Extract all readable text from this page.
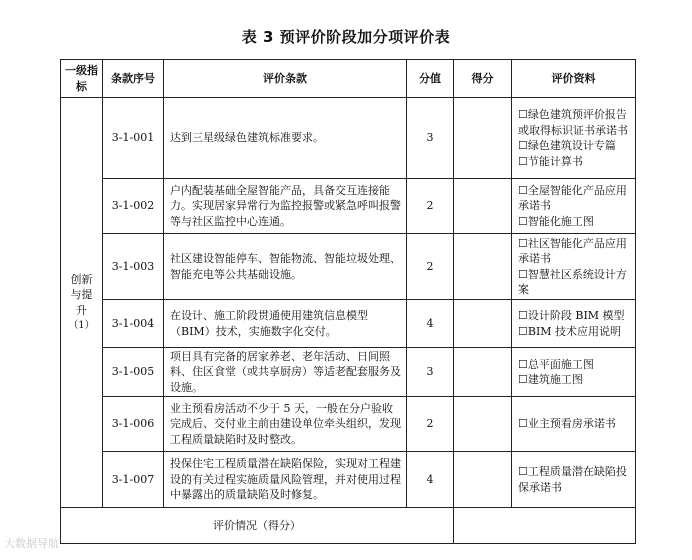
表 3 预评价阶段加分项评价表
一级指标	条款序号	评价条款	分值	得分	评价资料

创新
与提
升
（1）	3-1-001	达到三星级绿色建筑标准要求。	3		☐绿色建筑预评价报告或取得标识证书承诺书
☐绿色建筑设计专篇
☐节能计算书

	3-1-002	户内配装基础全屋智能产品，具备交互连接能力。实现居家异常行为监控报警或紧急呼叫报警等与社区监控中心连通。	2		☐全屋智能化产品应用承诺书
☐智能化施工图

	3-1-003	社区建设智能停车、智能物流、智能垃圾处理、智能充电等公共基础设施。	2		☐社区智能化产品应用承诺书
☐智慧社区系统设计方案

	3-1-004	在设计、施工阶段贯通使用建筑信息模型（BIM）技术，实施数字化交付。	4		☐设计阶段 BIM 模型
☐BIM 技术应用说明

	3-1-005	项目具有完备的居家养老、老年活动、日间照料、住区食堂（或共享厨房）等适老配套服务及设施。	3		☐总平面施工图
☐建筑施工图

	3-1-006	业主预看房活动不少于 5 天，一般在分户验收完成后、交付业主前由建设单位牵头组织，发现工程质量缺陷时及时整改。	2		☐业主预看房承诺书

	3-1-007	投保住宅工程质量潜在缺陷保险，实现对工程建设的有关过程实施质量风险管理，并对使用过程中暴露出的质量缺陷及时修复。	4		☐工程质量潜在缺陷投保承诺书

评价情况（得分）					
大数据导航
